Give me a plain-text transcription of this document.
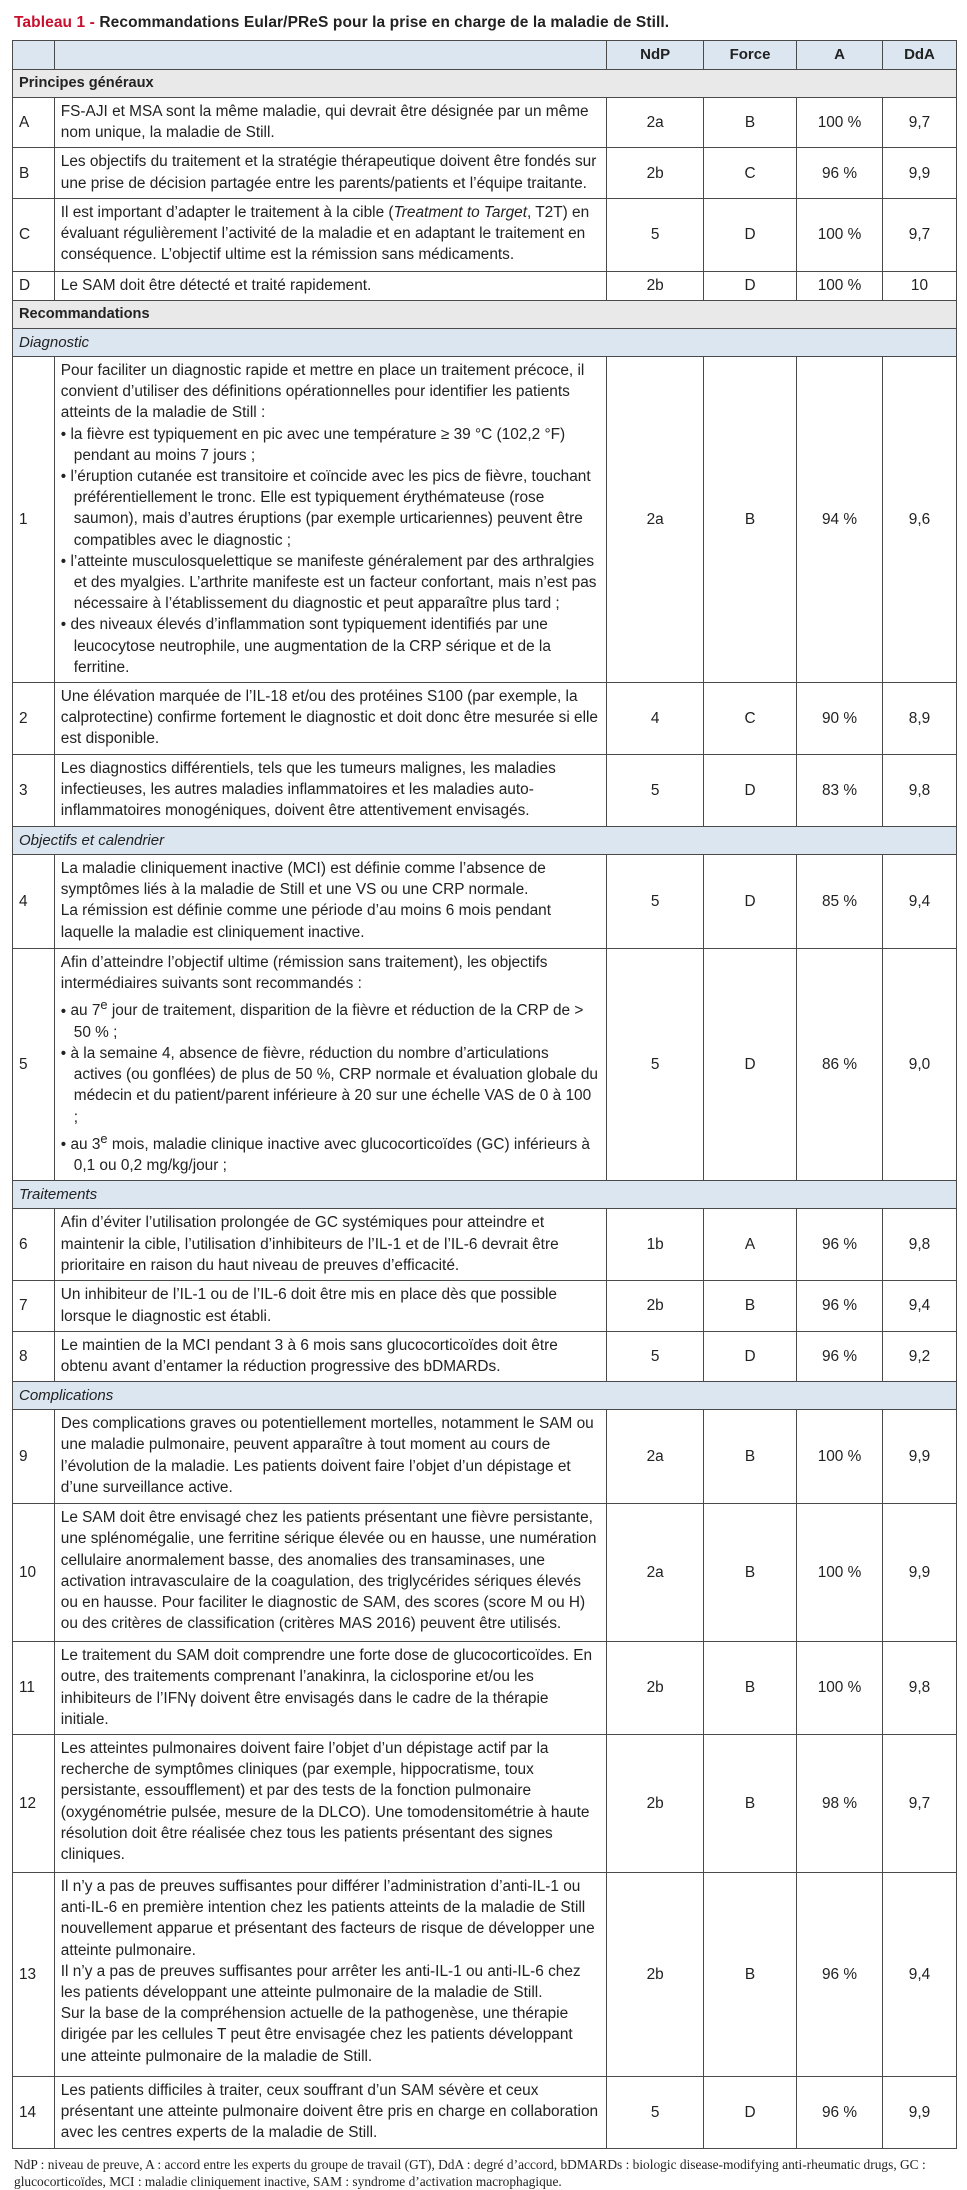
Tableau 1 - Recommandations Eular/PReS pour la prise en charge de la maladie de Still.
		NdP	Force	A	DdA
Principes généraux					
A	FS-AJI et MSA sont la même maladie, qui devrait être désignée par un même nom unique, la maladie de Still.	2a	B	100 %	9,7
B	Les objectifs du traitement et la stratégie thérapeutique doivent être fondés sur une prise de décision partagée entre les parents/patients et l’équipe traitante.	2b	C	96 %	9,9
C	Il est important d’adapter le traitement à la cible (Treatment to Target, T2T) en évaluant régulièrement l’activité de la maladie et en adaptant le traitement en conséquence. L’objectif ultime est la rémission sans médicaments.	5	D	100 %	9,7
D	Le SAM doit être détecté et traité rapidement.	2b	D	100 %	10
Recommandations					
Diagnostic					
1	Pour faciliter un diagnostic rapide et mettre en place un traitement précoce, il convient d’utiliser des définitions opérationnelles pour identifier les patients atteints de la maladie de Still :

• la fièvre est typiquement en pic avec une température ≥ 39 °C (102,2 °F) pendant au moins 7 jours ;

• l’éruption cutanée est transitoire et coïncide avec les pics de fièvre, touchant préférentiellement le tronc. Elle est typiquement érythémateuse (rose saumon), mais d’autres éruptions (par exemple urticariennes) peuvent être compatibles avec le diagnostic ;

• l’atteinte musculosquelettique se manifeste généralement par des arthralgies et des myalgies. L’arthrite manifeste est un facteur confortant, mais n’est pas nécessaire à l’établissement du diagnostic et peut apparaître plus tard ;

• des niveaux élevés d’inflammation sont typiquement identifiés par une leucocytose neutrophile, une augmentation de la CRP sérique et de la ferritine.	2a	B	94 %	9,6
2	Une élévation marquée de l’IL-18 et/ou des protéines S100 (par exemple, la calprotectine) confirme fortement le diagnostic et doit donc être mesurée si elle est disponible.	4	C	90 %	8,9
3	Les diagnostics différentiels, tels que les tumeurs malignes, les maladies infectieuses, les autres maladies inflammatoires et les maladies auto-inflammatoires monogéniques, doivent être attentivement envisagés.	5	D	83 %	9,8
Objectifs et calendrier					
4	La maladie cliniquement inactive (MCI) est définie comme l’absence de symptômes liés à la maladie de Still et une VS ou une CRP normale.

La rémission est définie comme une période d’au moins 6 mois pendant laquelle la maladie est cliniquement inactive.	5	D	85 %	9,4
5	Afin d’atteindre l’objectif ultime (rémission sans traitement), les objectifs intermédiaires suivants sont recommandés :

• au 7e jour de traitement, disparition de la fièvre et réduction de la CRP de > 50 % ;

• à la semaine 4, absence de fièvre, réduction du nombre d’articulations actives (ou gonflées) de plus de 50 %, CRP normale et évaluation globale du médecin et du patient/parent inférieure à 20 sur une échelle VAS de 0 à 100 ;

• au 3e mois, maladie clinique inactive avec glucocorticoïdes (GC) inférieurs à 0,1 ou 0,2 mg/kg/jour ;	5	D	86 %	9,0
Traitements					
6	Afin d’éviter l’utilisation prolongée de GC systémiques pour atteindre et maintenir la cible, l’utilisation d’inhibiteurs de l’IL-1 et de l’IL-6 devrait être prioritaire en raison du haut niveau de preuves d’efficacité.	1b	A	96 %	9,8
7	Un inhibiteur de l’IL-1 ou de l’IL-6 doit être mis en place dès que possible lorsque le diagnostic est établi.	2b	B	96 %	9,4
8	Le maintien de la MCI pendant 3 à 6 mois sans glucocorticoïdes doit être obtenu avant d’entamer la réduction progressive des bDMARDs.	5	D	96 %	9,2
Complications					
9	Des complications graves ou potentiellement mortelles, notamment le SAM ou une maladie pulmonaire, peuvent apparaître à tout moment au cours de l’évolution de la maladie. Les patients doivent faire l’objet d’un dépistage et d’une surveillance active.	2a	B	100 %	9,9
10	Le SAM doit être envisagé chez les patients présentant une fièvre persistante, une splénomégalie, une ferritine sérique élevée ou en hausse, une numération cellulaire anormalement basse, des anomalies des transaminases, une activation intravasculaire de la coagulation, des triglycérides sériques élevés ou en hausse. Pour faciliter le diagnostic de SAM, des scores (score M ou H) ou des critères de classification (critères MAS 2016) peuvent être utilisés.	2a	B	100 %	9,9
11	Le traitement du SAM doit comprendre une forte dose de glucocorticoïdes. En outre, des traitements comprenant l’anakinra, la ciclosporine et/ou les inhibiteurs de l’IFNγ doivent être envisagés dans le cadre de la thérapie initiale.	2b	B	100 %	9,8
12	Les atteintes pulmonaires doivent faire l’objet d’un dépistage actif par la recherche de symptômes cliniques (par exemple, hippocratisme, toux persistante, essoufflement) et par des tests de la fonction pulmonaire (oxygénométrie pulsée, mesure de la DLCO). Une tomodensitométrie à haute résolution doit être réalisée chez tous les patients présentant des signes cliniques.	2b	B	98 %	9,7
13	Il n’y a pas de preuves suffisantes pour différer l’administration d’anti-IL-1 ou anti-IL-6 en première intention chez les patients atteints de la maladie de Still nouvellement apparue et présentant des facteurs de risque de développer une atteinte pulmonaire.

Il n’y a pas de preuves suffisantes pour arrêter les anti-IL-1 ou anti-IL-6 chez les patients développant une atteinte pulmonaire de la maladie de Still.

Sur la base de la compréhension actuelle de la pathogenèse, une thérapie dirigée par les cellules T peut être envisagée chez les patients développant une atteinte pulmonaire de la maladie de Still.	2b	B	96 %	9,4
14	Les patients difficiles à traiter, ceux souffrant d’un SAM sévère et ceux présentant une atteinte pulmonaire doivent être pris en charge en collaboration avec les centres experts de la maladie de Still.	5	D	96 %	9,9
NdP : niveau de preuve, A : accord entre les experts du groupe de travail (GT), DdA : degré d’accord, bDMARDs : biologic disease-modifying anti-rheumatic drugs, GC : glucocorticoïdes, MCI : maladie cliniquement inactive, SAM : syndrome d’activation macrophagique.
